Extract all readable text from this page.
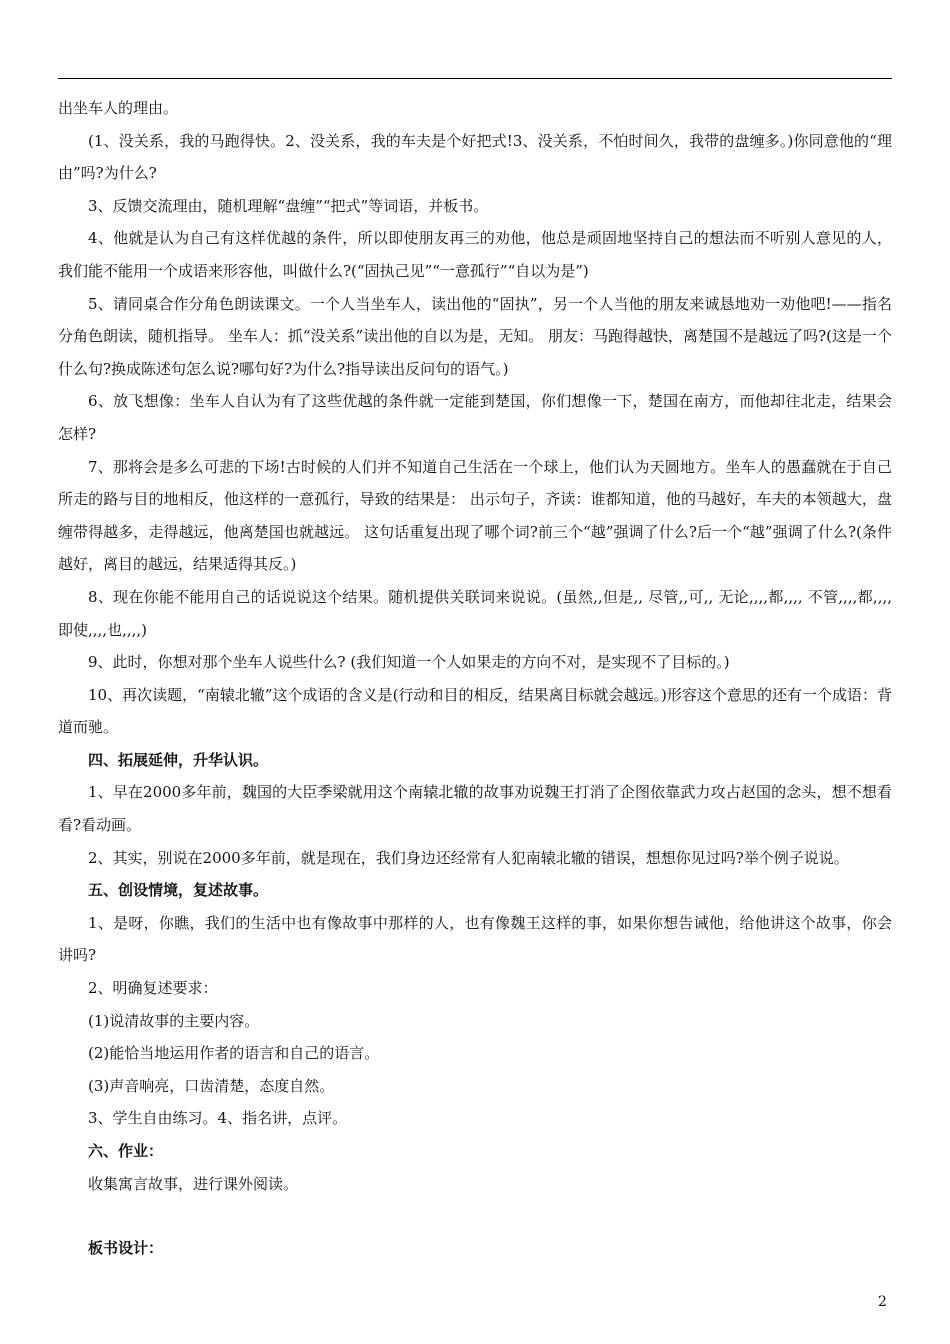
出坐车人的理由。

(1、没关系，我的马跑得快。2、没关系，我的车夫是个好把式!3、没关系，不怕时间久，我带的盘缠多。)你同意他的“理由”吗?为什么?

3、反馈交流理由，随机理解“盘缠”“把式”等词语，并板书。

4、他就是认为自己有这样优越的条件，所以即使朋友再三的劝他，他总是顽固地坚持自己的想法而不听别人意见的人，我们能不能用一个成语来形容他，叫做什么?(“固执己见”“一意孤行”“自以为是”)

5、请同桌合作分角色朗读课文。一个人当坐车人，读出他的“固执”，另一个人当他的朋友来诚恳地劝一劝他吧!——指名分角色朗读，随机指导。 坐车人：抓“没关系”读出他的自以为是，无知。 朋友：马跑得越快，离楚国不是越远了吗?(这是一个什么句?换成陈述句怎么说?哪句好?为什么?指导读出反问句的语气。)

6、放飞想像：坐车人自认为有了这些优越的条件就一定能到楚国，你们想像一下，楚国在南方，而他却往北走，结果会怎样?

7、那将会是多么可悲的下场!古时候的人们并不知道自己生活在一个球上，他们认为天圆地方。坐车人的愚蠢就在于自己所走的路与目的地相反，他这样的一意孤行，导致的结果是： 出示句子，齐读：谁都知道，他的马越好，车夫的本领越大，盘缠带得越多，走得越远，他离楚国也就越远。 这句话重复出现了哪个词?前三个“越”强调了什么?后一个“越”强调了什么?(条件越好，离目的越远，结果适得其反。)

8、现在你能不能用自己的话说说这个结果。随机提供关联词来说说。(虽然,,但是,, 尽管,,可,, 无论,,,,都,,,, 不管,,,,都,,,, 即使,,,,也,,,,)

9、此时，你想对那个坐车人说些什么? (我们知道一个人如果走的方向不对，是实现不了目标的。)

10、再次读题，“南辕北辙”这个成语的含义是(行动和目的相反，结果离目标就会越远。)形容这个意思的还有一个成语：背道而驰。

四、拓展延伸，升华认识。

1、早在2000多年前，魏国的大臣季梁就用这个南辕北辙的故事劝说魏王打消了企图依靠武力攻占赵国的念头，想不想看看?看动画。

2、其实，别说在2000多年前，就是现在，我们身边还经常有人犯南辕北辙的错误，想想你见过吗?举个例子说说。

五、创设情境，复述故事。

1、是呀，你瞧，我们的生活中也有像故事中那样的人，也有像魏王这样的事，如果你想告诫他，给他讲这个故事，你会讲吗?

2、明确复述要求：

(1)说清故事的主要内容。

(2)能恰当地运用作者的语言和自己的语言。

(3)声音响亮，口齿清楚，态度自然。

3、学生自由练习。4、指名讲，点评。

六、作业：

收集寓言故事，进行课外阅读。

板书设计：

2
